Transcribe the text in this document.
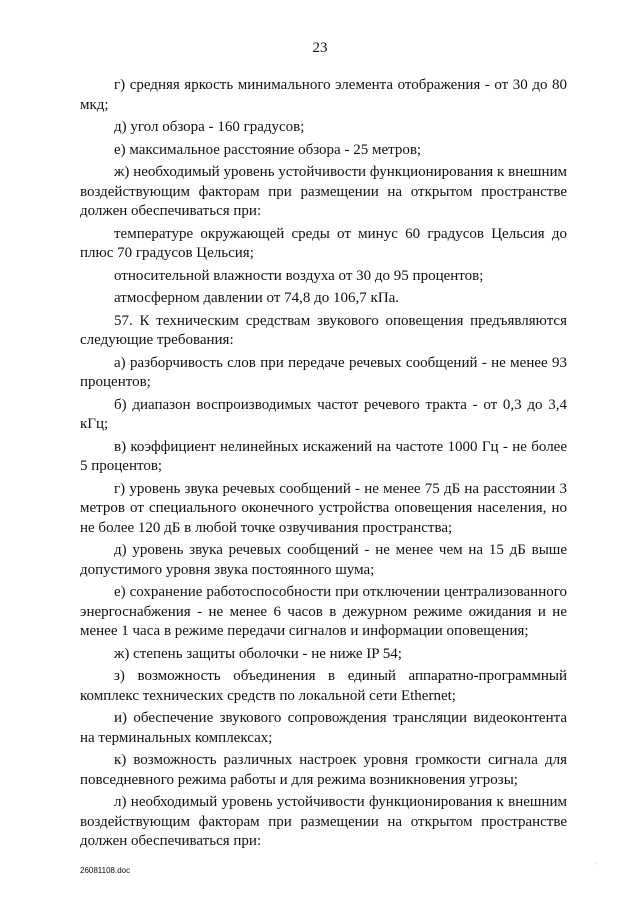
23

г) средняя яркость минимального элемента отображения - от 30 до 80 мкд;

д) угол обзора - 160 градусов;

е) максимальное расстояние обзора - 25 метров;

ж) необходимый уровень устойчивости функционирования к внешним воздействующим факторам при размещении на открытом пространстве должен обеспечиваться при:

температуре окружающей среды от минус 60 градусов Цельсия до плюс 70 градусов Цельсия;

относительной влажности воздуха от 30 до 95 процентов;

атмосферном давлении от 74,8 до 106,7 кПа.

57. К техническим средствам звукового оповещения предъявляются следующие требования:

а) разборчивость слов при передаче речевых сообщений - не менее 93 процентов;

б) диапазон воспроизводимых частот речевого тракта - от 0,3 до 3,4 кГц;

в) коэффициент нелинейных искажений на частоте 1000 Гц - не более 5 процентов;

г) уровень звука речевых сообщений - не менее 75 дБ на расстоянии 3 метров от специального оконечного устройства оповещения населения, но не более 120 дБ в любой точке озвучивания пространства;

д) уровень звука речевых сообщений - не менее чем на 15 дБ выше допустимого уровня звука постоянного шума;

е) сохранение работоспособности при отключении централизованного энергоснабжения - не менее 6 часов в дежурном режиме ожидания и не менее 1 часа в режиме передачи сигналов и информации оповещения;

ж) степень защиты оболочки - не ниже IP 54;

з) возможность объединения в единый аппаратно-программный комплекс технических средств по локальной сети Ethernet;

и) обеспечение звукового сопровождения трансляции видеоконтента на терминальных комплексах;

к) возможность различных настроек уровня громкости сигнала для повседневного режима работы и для режима возникновения угрозы;

л) необходимый уровень устойчивости функционирования к внешним воздействующим факторам при размещении на открытом пространстве должен обеспечиваться при:

26081108.doc	'
